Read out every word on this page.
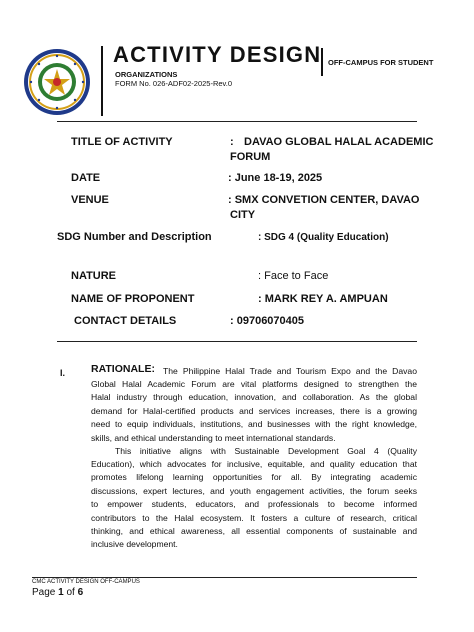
ACTIVITY DESIGN OFF-CAMPUS FOR STUDENT
ORGANIZATIONS
FORM No. 026-ADF02-2025-Rev.0
TITLE OF ACTIVITY	: DAVAO GLOBAL HALAL ACADEMIC
FORUM
DATE	: June 18-19, 2025
VENUE	: SMX CONVETION CENTER, DAVAO
CITY
SDG Number and Description	: SDG 4 (Quality Education)
NATURE	: Face to Face
NAME OF PROPONENT	: MARK REY A. AMPUAN
CONTACT DETAILS	: 09706070405
I. RATIONALE: The Philippine Halal Trade and Tourism Expo and the Davao
Global Halal Academic Forum are vital platforms designed to strengthen the
Halal industry through education, innovation, and collaboration. As the global
demand for Halal-certified products and services increases, there is a growing
need to equip individuals, institutions, and businesses with the right knowledge,
skills, and ethical understanding to meet international standards.
This initiative aligns with Sustainable Development Goal 4 (Quality
Education), which advocates for inclusive, equitable, and quality education that
promotes lifelong learning opportunities for all. By integrating academic
discussions, expert lectures, and youth engagement activities, the forum seeks
to empower students, educators, and professionals to become informed
contributors to the Halal ecosystem. It fosters a culture of research, critical
thinking, and ethical awareness, all essential components of sustainable and
inclusive development.
CMC ACTIVITY DESIGN OFF-CAMPUS
Page 1 of 6
